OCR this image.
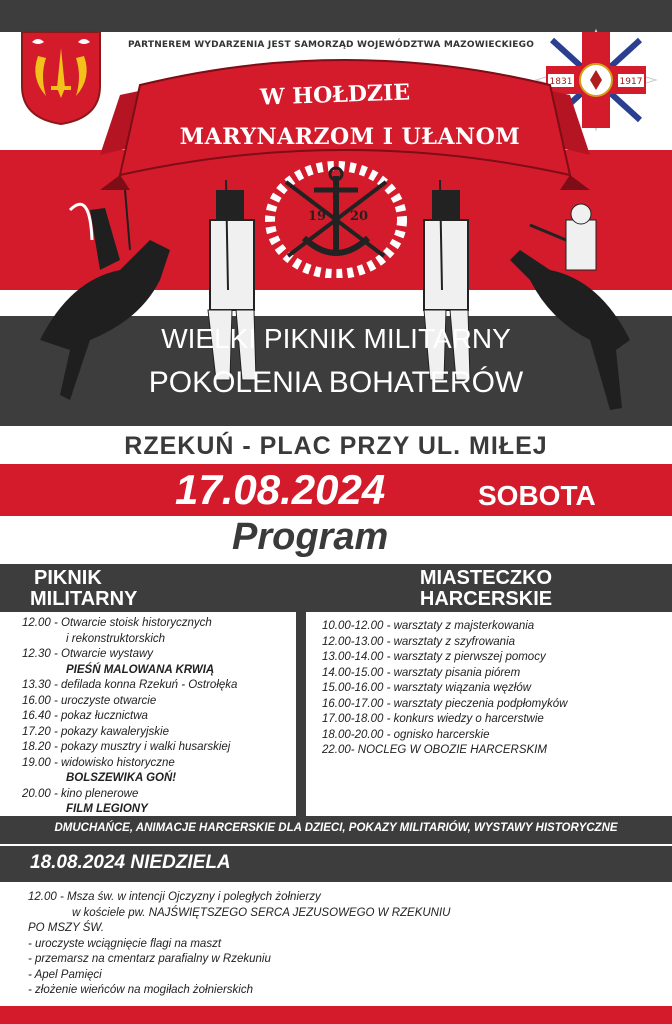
PARTNEREM WYDARZENIA JEST SAMORZĄD WOJEWÓDZTWA MAZOWIECKIEGO
1831	1917
W HOŁDZIE
MARYNARZOM I UŁANOM
19 20
WIELKI PIKNIK MILITARNY
POKOLENIA BOHATERÓW
RZEKUŃ - PLAC PRZY UL. MIŁEJ
17.08.2024	SOBOTA
Program
PIKNIK
MILITARNY
MIASTECZKO
HARCERSKIE
12.00 - Otwarcie stoisk historycznych
i rekonstruktorskich
12.30 - Otwarcie wystawy
PIEŚŃ MALOWANA KRWIĄ
13.30 - defilada konna Rzekuń - Ostrołęka
16.00 - uroczyste otwarcie
16.40 - pokaz łucznictwa
17.20 - pokazy kawaleryjskie
18.20 - pokazy musztry i walki husarskiej
19.00 - widowisko historyczne
BOLSZEWIKA GOŃ!
20.00 - kino plenerowe
FILM LEGIONY
10.00-12.00 - warsztaty z majsterkowania
12.00-13.00 - warsztaty z szyfrowania
13.00-14.00 - warsztaty z pierwszej pomocy
14.00-15.00 - warsztaty pisania piórem
15.00-16.00 - warsztaty wiązania węzłów
16.00-17.00 - warsztaty pieczenia podpłomyków
17.00-18.00 - konkurs wiedzy o harcerstwie
18.00-20.00 - ognisko harcerskie
22.00- NOCLEG W OBOZIE HARCERSKIM
DMUCHAŃCE, ANIMACJE HARCERSKIE DLA DZIECI, POKAZY MILITARIÓW, WYSTAWY HISTORYCZNE
18.08.2024 NIEDZIELA
12.00 - Msza św. w intencji Ojczyzny i poległych żołnierzy
w kościele pw. NAJŚWIĘTSZEGO SERCA JEZUSOWEGO W RZEKUNIU
PO MSZY ŚW.
- uroczyste wciągnięcie flagi na maszt
- przemarsz na cmentarz parafialny w Rzekuniu
- Apel Pamięci
- złożenie wieńców na mogiłach żołnierskich
